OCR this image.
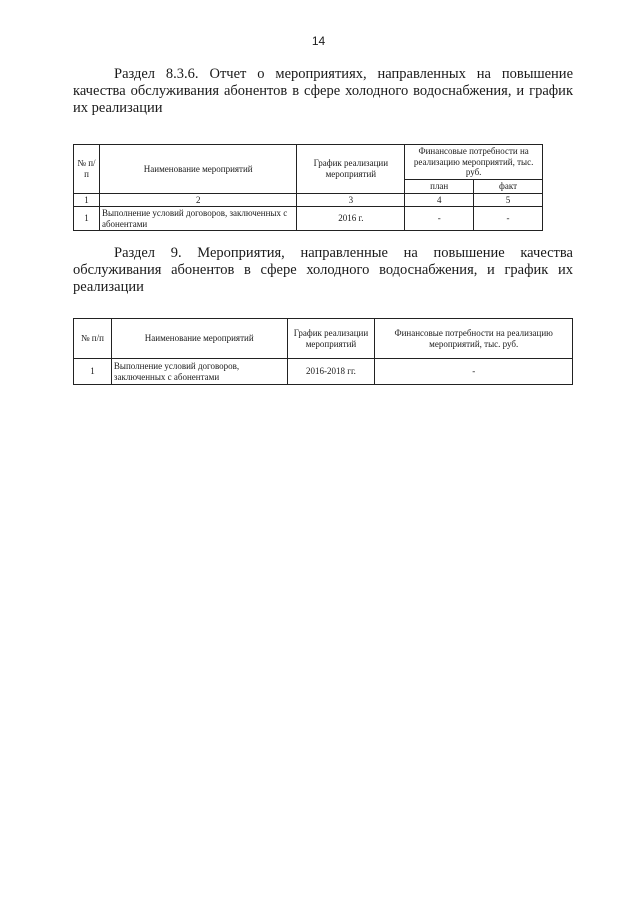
14
Раздел 8.3.6. Отчет о мероприятиях, направленных на повышение
качества обслуживания абонентов в сфере холодного водоснабжения, и график
их реализации
№ п/п	Наименование мероприятий	График реализации мероприятий	Финансовые потребности на реализацию мероприятий, тыс. руб.	
			план	факт
1	2	3	4	5
1	Выполнение условий договоров, заключенных с абонентами	2016 г.	-	-
Раздел 9. Мероприятия, направленные на повышение качества
обслуживания абонентов в сфере холодного водоснабжения, и график их
реализации
№ п/п	Наименование мероприятий	График реализации мероприятий	Финансовые потребности на реализацию мероприятий, тыс. руб.
1	Выполнение условий договоров, заключенных с абонентами	2016-2018 гг.	-
